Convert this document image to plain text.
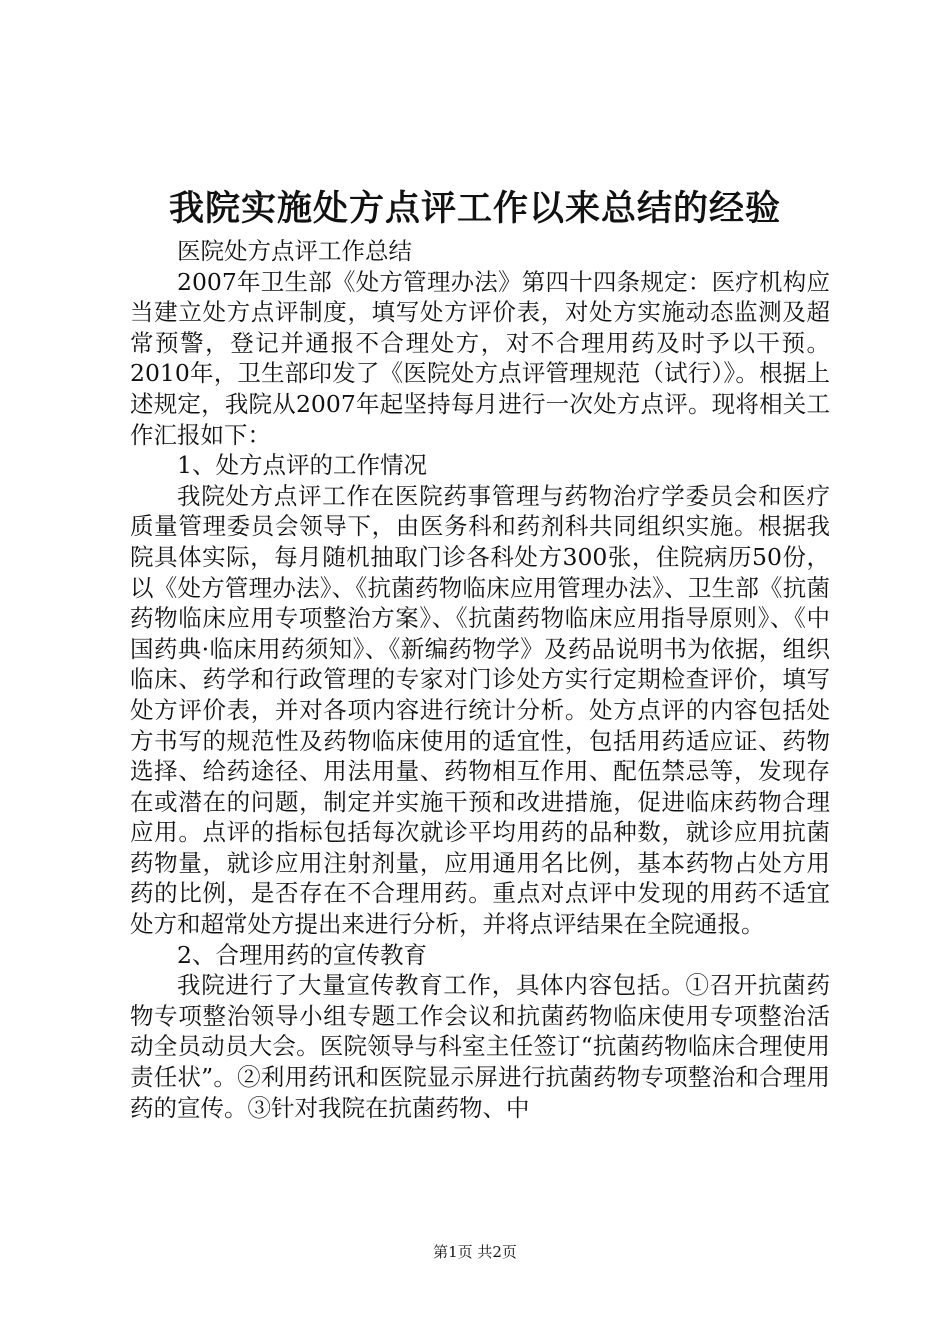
我院实施处方点评工作以来总结的经验

医院处方点评工作总结

2007年卫生部《处方管理办法》第四十四条规定：医疗机构应当建立处方点评制度，填写处方评价表，对处方实施动态监测及超常预警，登记并通报不合理处方，对不合理用药及时予以干预。2010年，卫生部印发了《医院处方点评管理规范（试行）》。根据上述规定，我院从2007年起坚持每月进行一次处方点评。现将相关工作汇报如下：

1、处方点评的工作情况

我院处方点评工作在医院药事管理与药物治疗学委员会和医疗质量管理委员会领导下，由医务科和药剂科共同组织实施。根据我院具体实际，每月随机抽取门诊各科处方300张，住院病历50份，以《处方管理办法》、《抗菌药物临床应用管理办法》、卫生部《抗菌药物临床应用专项整治方案》、《抗菌药物临床应用指导原则》、《中国药典·临床用药须知》、《新编药物学》及药品说明书为依据，组织临床、药学和行政管理的专家对门诊处方实行定期检查评价，填写处方评价表，并对各项内容进行统计分析。处方点评的内容包括处方书写的规范性及药物临床使用的适宜性，包括用药适应证、药物选择、给药途径、用法用量、药物相互作用、配伍禁忌等，发现存在或潜在的问题，制定并实施干预和改进措施，促进临床药物合理应用。点评的指标包括每次就诊平均用药的品种数，就诊应用抗菌药物量，就诊应用注射剂量，应用通用名比例，基本药物占处方用药的比例，是否存在不合理用药。重点对点评中发现的用药不适宜处方和超常处方提出来进行分析，并将点评结果在全院通报。

2、合理用药的宣传教育

我院进行了大量宣传教育工作，具体内容包括。①召开抗菌药物专项整治领导小组专题工作会议和抗菌药物临床使用专项整治活动全员动员大会。医院领导与科室主任签订“抗菌药物临床合理使用责任状”。②利用药讯和医院显示屏进行抗菌药物专项整治和合理用药的宣传。③针对我院在抗菌药物、中

第1页 共2页
